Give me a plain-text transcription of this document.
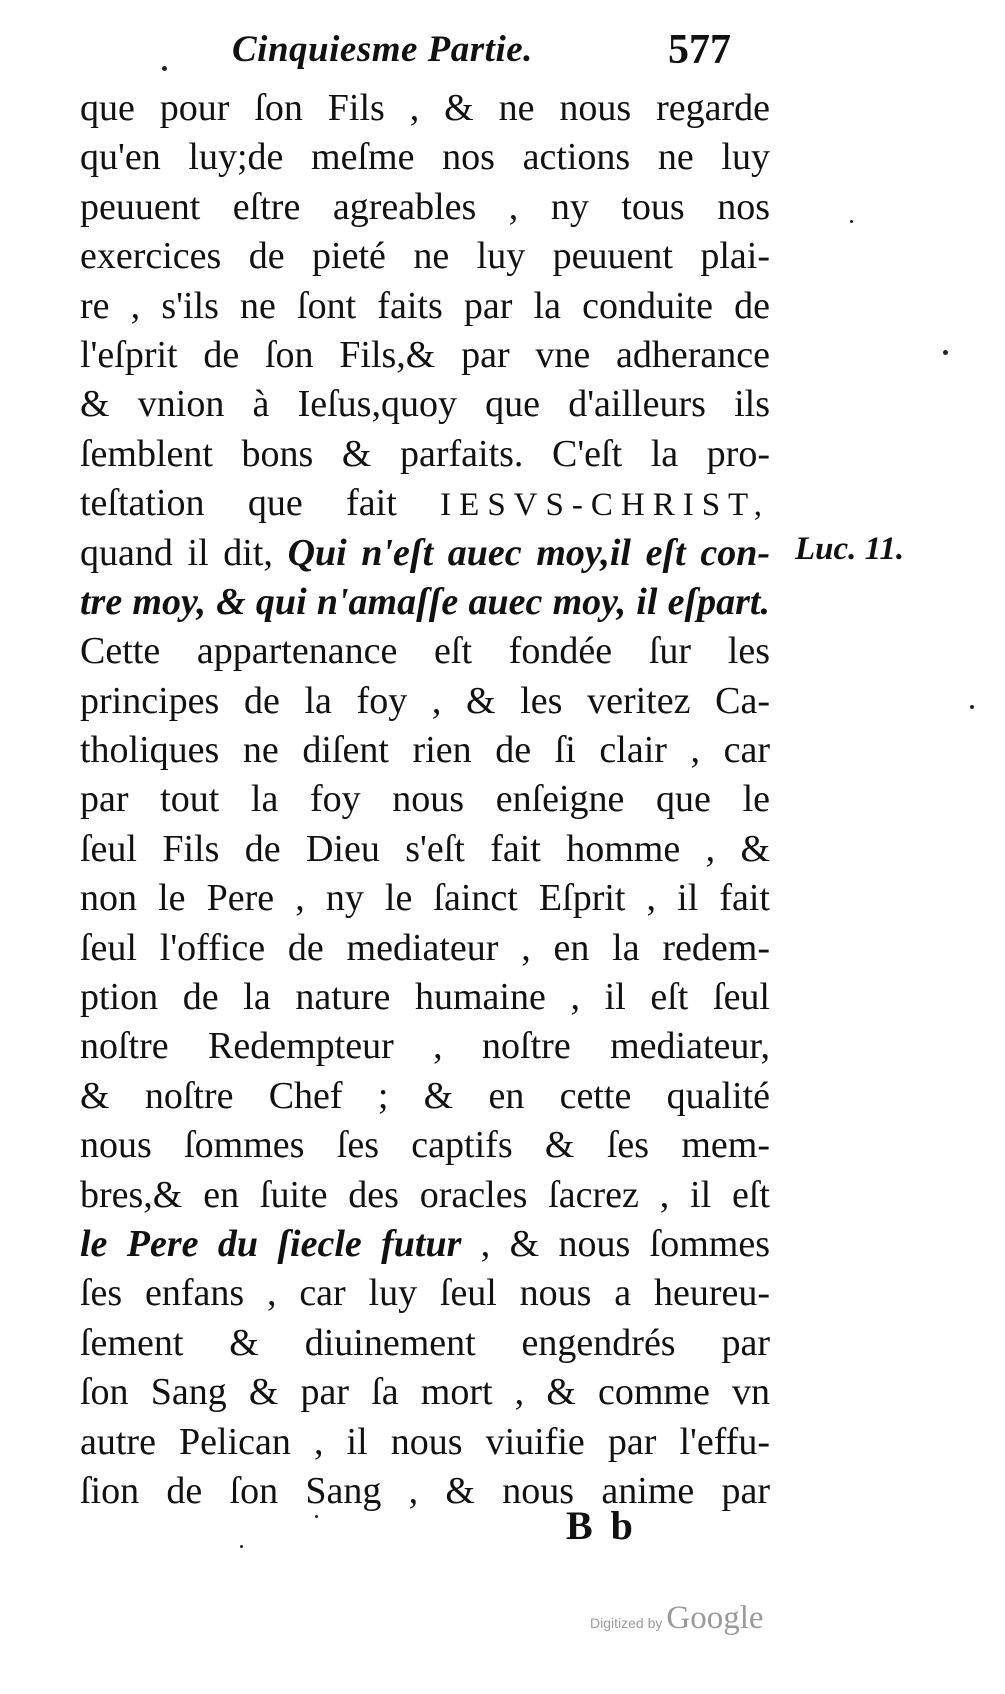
Cinquiesme Partie.	577
que pour ſon Fils , & ne nous regarde
qu'en luy;de meſme nos actions ne luy
peuuent eſtre agreables , ny tous nos
exercices de pieté ne luy peuuent plai-
re , s'ils ne ſont faits par la conduite de
l'eſprit de ſon Fils,& par vne adherance
& vnion à Ieſus,quoy que d'ailleurs ils
ſemblent bons & parfaits. C'eſt la pro-
teſtation que fait IESVS-CHRIST,
quand il dit, Qui n'eſt auec moy,il eſt con-
tre moy, & qui n'amaſſe auec moy, il eſpart.
Cette appartenance eſt fondée ſur les
principes de la foy , & les veritez Ca-
tholiques ne diſent rien de ſi clair , car
par tout la foy nous enſeigne que le
ſeul Fils de Dieu s'eſt fait homme , &
non le Pere , ny le ſainct Eſprit , il fait
ſeul l'office de mediateur , en la redem-
ption de la nature humaine , il eſt ſeul
noſtre Redempteur , noſtre mediateur,
& noſtre Chef ; & en cette qualité
nous ſommes ſes captifs & ſes mem-
bres,& en ſuite des oracles ſacrez , il eſt
le Pere du ſiecle futur , & nous ſommes
ſes enfans , car luy ſeul nous a heureu-
ſement & diuinement engendrés par
ſon Sang & par ſa mort , & comme vn
autre Pelican , il nous viuifie par l'effu-
ſion de ſon Sang , & nous anime par
Luc. 11.
B b
Digitized by Google
